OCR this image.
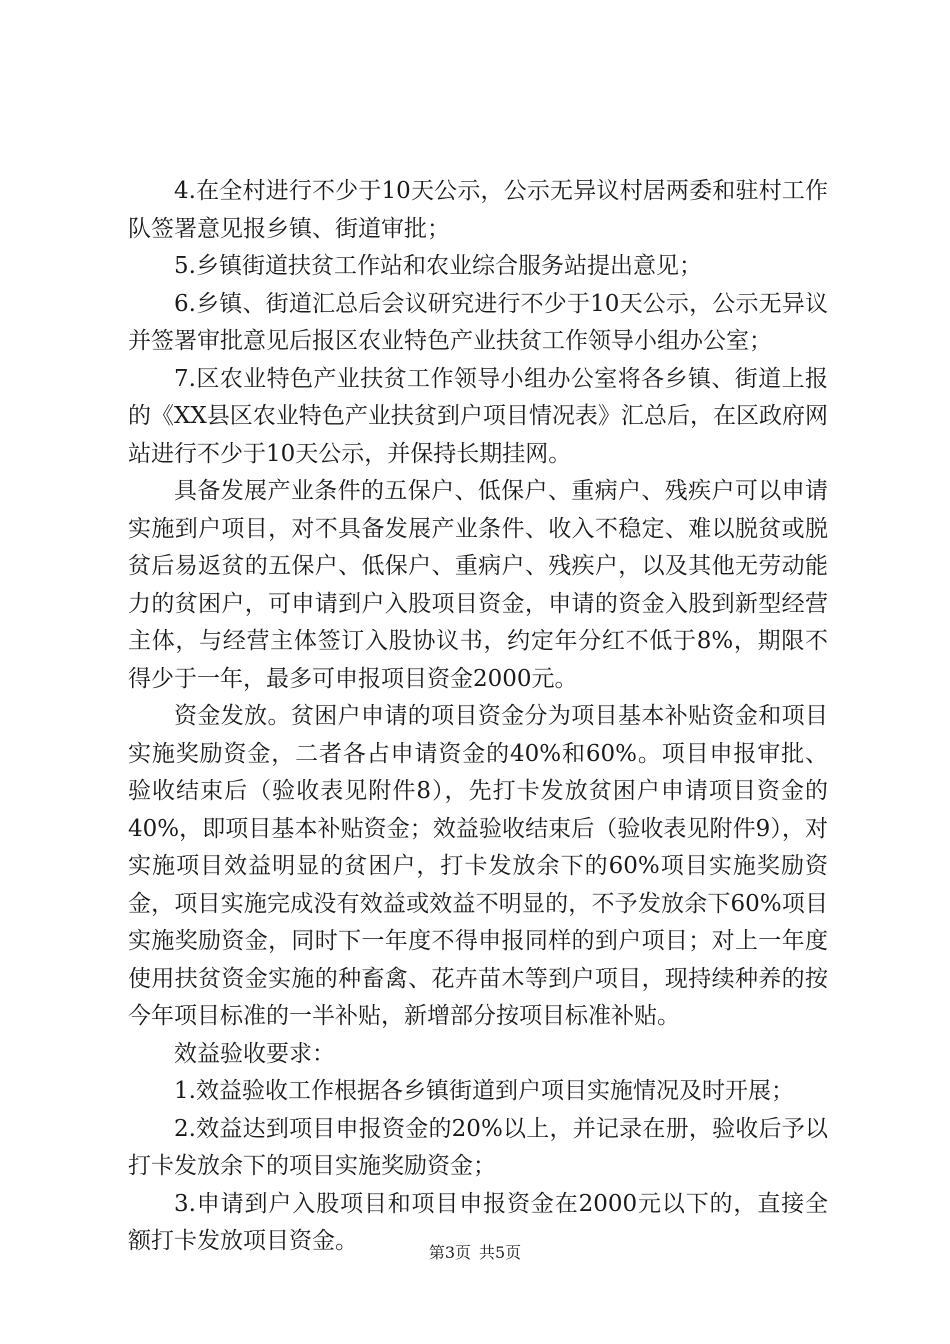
4.在全村进行不少于10天公示，公示无异议村居两委和驻村工作队签署意见报乡镇、街道审批；

5.乡镇街道扶贫工作站和农业综合服务站提出意见；

6.乡镇、街道汇总后会议研究进行不少于10天公示，公示无异议并签署审批意见后报区农业特色产业扶贫工作领导小组办公室；

7.区农业特色产业扶贫工作领导小组办公室将各乡镇、街道上报的《XX县区农业特色产业扶贫到户项目情况表》汇总后，在区政府网站进行不少于10天公示，并保持长期挂网。

具备发展产业条件的五保户、低保户、重病户、残疾户可以申请实施到户项目，对不具备发展产业条件、收入不稳定、难以脱贫或脱贫后易返贫的五保户、低保户、重病户、残疾户，以及其他无劳动能力的贫困户，可申请到户入股项目资金，申请的资金入股到新型经营主体，与经营主体签订入股协议书，约定年分红不低于8%，期限不得少于一年，最多可申报项目资金2000元。

资金发放。贫困户申请的项目资金分为项目基本补贴资金和项目实施奖励资金，二者各占申请资金的40%和60%。项目申报审批、验收结束后（验收表见附件8），先打卡发放贫困户申请项目资金的40%，即项目基本补贴资金；效益验收结束后（验收表见附件9），对实施项目效益明显的贫困户，打卡发放余下的60%项目实施奖励资金，项目实施完成没有效益或效益不明显的，不予发放余下60%项目实施奖励资金，同时下一年度不得申报同样的到户项目；对上一年度使用扶贫资金实施的种畜禽、花卉苗木等到户项目，现持续种养的按今年项目标准的一半补贴，新增部分按项目标准补贴。

效益验收要求：

1.效益验收工作根据各乡镇街道到户项目实施情况及时开展；

2.效益达到项目申报资金的20%以上，并记录在册，验收后予以打卡发放余下的项目实施奖励资金；

3.申请到户入股项目和项目申报资金在2000元以下的，直接全额打卡发放项目资金。	第3页 共5页
